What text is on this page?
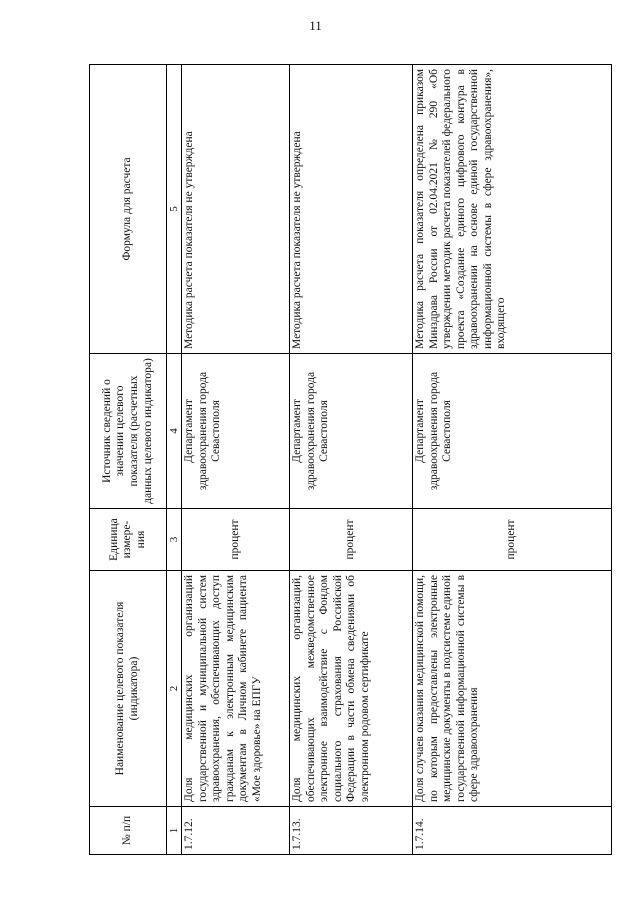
11
№ п/п	Наименование целевого показателя (индикатора)	Единица измере-ния	Источник сведений о значении целевого показателя (расчетных данных целевого индикатора)	Формула для расчета
1	2	3	4	5
1.7.12.	Доля медицинских организаций государственной и муниципальной систем здравоохранения, обеспечивающих доступ гражданам к электронным медицинским документам в Личном кабинете пациента «Мое здоровье» на ЕПГУ	процент	Департамент здравоохранения города Севастополя	Методика расчета показателя не утверждена
1.7.13.	Доля медицинских организаций, обеспечивающих межведомственное электронное взаимодействие с Фондом социального страхования Российской Федерации в части обмена сведениями об электронном родовом сертификате	процент	Департамент здравоохранения города Севастополя	Методика расчета показателя не утверждена
1.7.14.	Доля случаев оказания медицинской помощи, по которым предоставлены электронные медицинские документы в подсистеме единой государственной информационной системы в сфере здравоохранения	процент	Департамент здравоохранения города Севастополя	Методика расчета показателя определена приказом Минздрава России от 02.04.2021 № 290 «Об утверждении методик расчета показателей федерального проекта «Создание единого цифрового контура в здравоохранении на основе единой государственной информационной системы в сфере здравоохранения», входящего
